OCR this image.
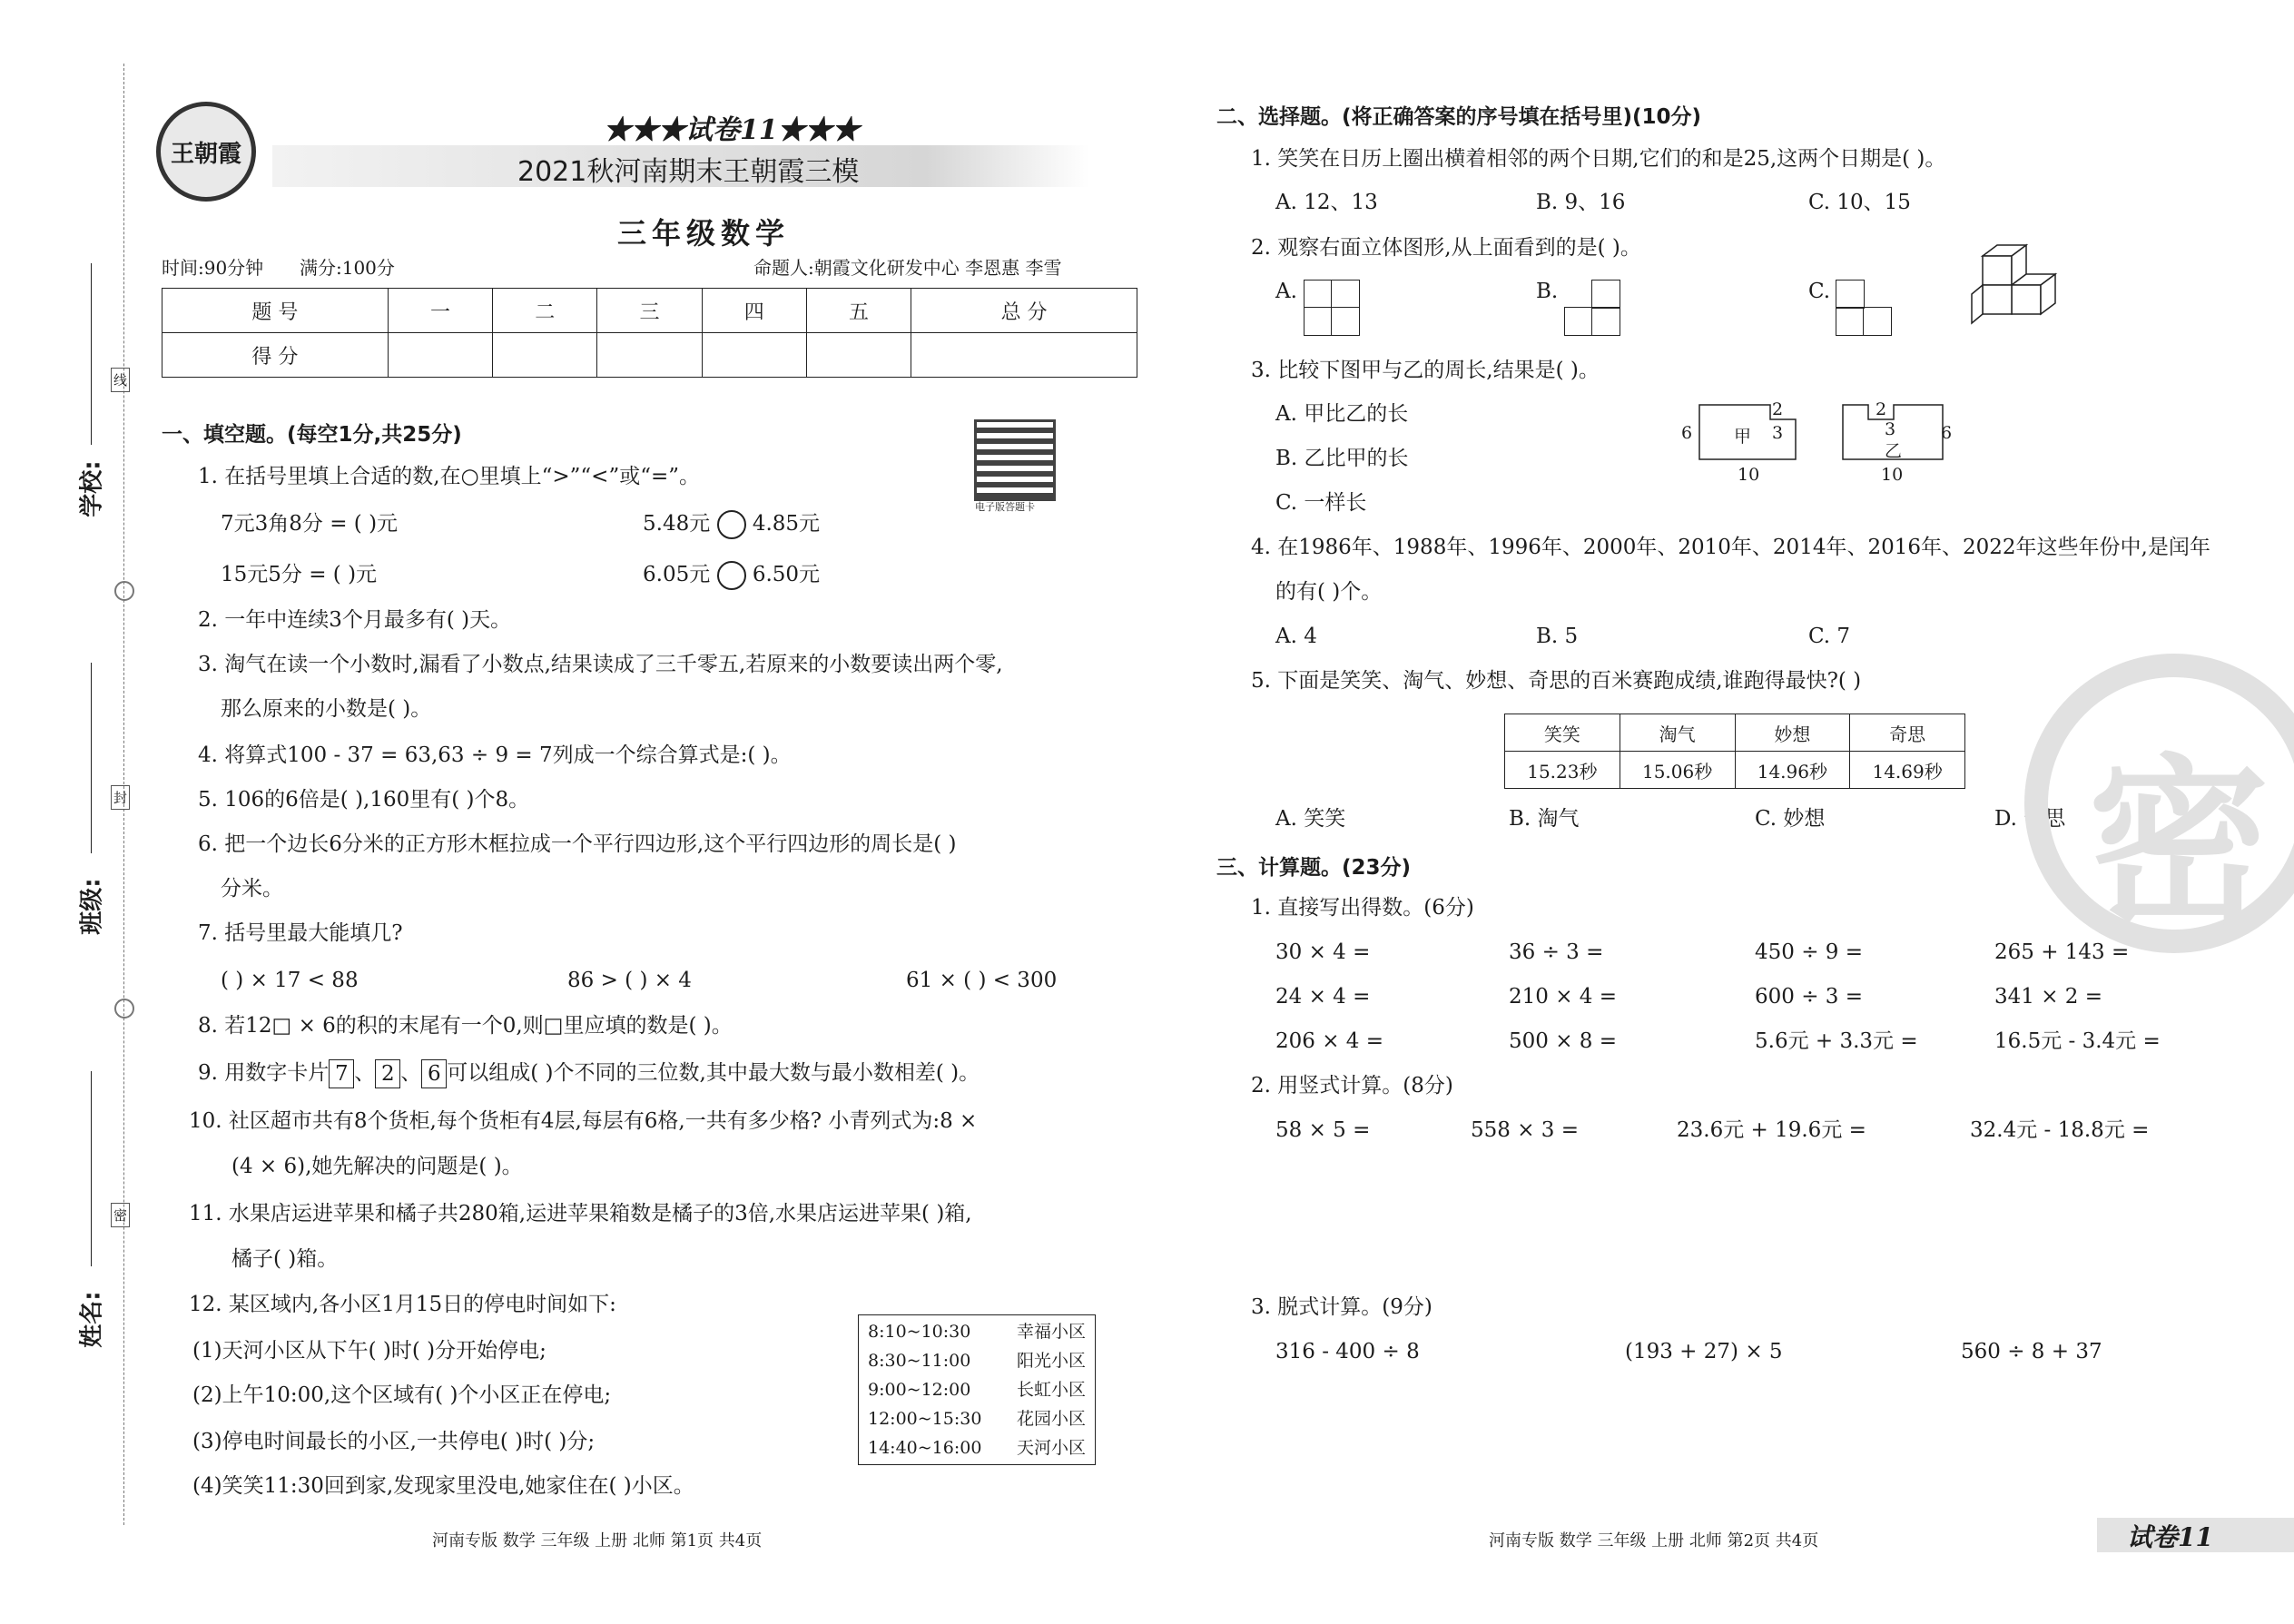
学校:
班级:
姓名:
线
封
密
王朝霞
★★★试卷11★★★
2021秋河南期末王朝霞三模
三年级数学
时间:90分钟 满分:100分	命题人:朝霞文化研发中心 李恩惠 李雪
题 号	一	二	三	四	五	总 分
得 分						
电子版答题卡
一、填空题。(每空1分,共25分)
1. 在括号里填上合适的数,在○里填上“>”“<”或“=”。
7元3角8分 = ( )元	5.48元 4.85元
15元5分 = ( )元	6.05元 6.50元
2. 一年中连续3个月最多有( )天。
3. 淘气在读一个小数时,漏看了小数点,结果读成了三千零五,若原来的小数要读出两个零,
那么原来的小数是( )。
4. 将算式100 - 37 = 63,63 ÷ 9 = 7列成一个综合算式是:( )。
5. 106的6倍是( ),160里有( )个8。
6. 把一个边长6分米的正方形木框拉成一个平行四边形,这个平行四边形的周长是( )
分米。
7. 括号里最大能填几?
( ) × 17 < 88	86 > ( ) × 4	61 × ( ) < 300
8. 若12□ × 6的积的末尾有一个0,则□里应填的数是( )。
9. 用数字卡片 7 、 2 、 6 可以组成( )个不同的三位数,其中最大数与最小数相差( )。
10. 社区超市共有8个货柜,每个货柜有4层,每层有6格,一共有多少格? 小青列式为:8 ×
(4 × 6),她先解决的问题是( )。
11. 水果店运进苹果和橘子共280箱,运进苹果箱数是橘子的3倍,水果店运进苹果( )箱,
橘子( )箱。
12. 某区域内,各小区1月15日的停电时间如下:
(1)天河小区从下午( )时( )分开始停电;
(2)上午10:00,这个区域有( )个小区正在停电;
(3)停电时间最长的小区,一共停电( )时( )分;
(4)笑笑11:30回到家,发现家里没电,她家住在( )小区。
8:10~10:30	幸福小区
8:30~11:00	阳光小区
9:00~12:00	长虹小区
12:00~15:30 花园小区
14:40~16:00 天河小区
河南专版 数学 三年级 上册 北师 第1页 共4页
二、选择题。(将正确答案的序号填在括号里)(10分)
1. 笑笑在日历上圈出横着相邻的两个日期,它们的和是25,这两个日期是( )。
A. 12、13	B. 9、16	C. 10、15
2. 观察右面立体图形,从上面看到的是( )。
A.	B.	C.
3. 比较下图甲与乙的周长,结果是( )。
A. 甲比乙的长
B. 乙比甲的长
C. 一样长
6 甲
2
3
10
2
3
乙
6
10
4. 在1986年、1988年、1996年、2000年、2010年、2014年、2016年、2022年这些年份中,是闰年
的有( )个。
A. 4	B. 5	C. 7
5. 下面是笑笑、淘气、妙想、奇思的百米赛跑成绩,谁跑得最快?( )
笑笑	淘气	妙想	奇思
15.23秒	15.06秒	14.96秒	14.69秒
A. 笑笑	B. 淘气	C. 妙想	D. 奇思 密
三、计算题。(23分)
1. 直接写出得数。(6分)
30 × 4 =	36 ÷ 3 =	450 ÷ 9 =	265 + 143 =
24 × 4 =	210 × 4 =	600 ÷ 3 =	341 × 2 =
206 × 4 =	500 × 8 =	5.6元 + 3.3元 =	16.5元 - 3.4元 =
2. 用竖式计算。(8分)
58 × 5 =	558 × 3 =	23.6元 + 19.6元 =	32.4元 - 18.8元 =
3. 脱式计算。(9分)
316 - 400 ÷ 8	(193 + 27) × 5	560 ÷ 8 + 37
河南专版 数学 三年级 上册 北师 第2页 共4页	试卷11
